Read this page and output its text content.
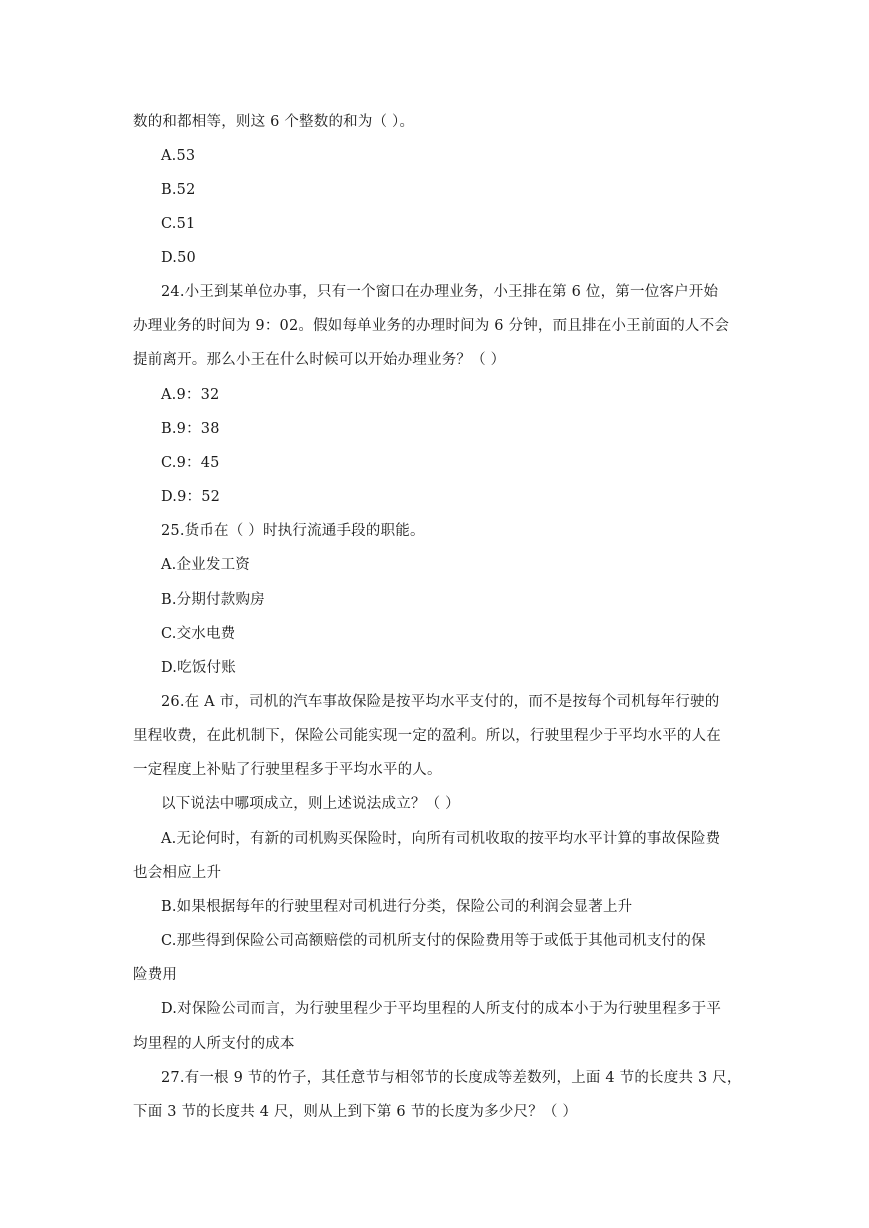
数的和都相等，则这 6 个整数的和为（ ）。
A.53
B.52
C.51
D.50
24.小王到某单位办事，只有一个窗口在办理业务，小王排在第 6 位，第一位客户开始
办理业务的时间为 9：02。假如每单业务的办理时间为 6 分钟，而且排在小王前面的人不会
提前离开。那么小王在什么时候可以开始办理业务？（ ）
A.9：32
B.9：38
C.9：45
D.9：52
25.货币在（ ）时执行流通手段的职能。
A.企业发工资
B.分期付款购房
C.交水电费
D.吃饭付账
26.在 A 市，司机的汽车事故保险是按平均水平支付的，而不是按每个司机每年行驶的
里程收费，在此机制下，保险公司能实现一定的盈利。所以，行驶里程少于平均水平的人在
一定程度上补贴了行驶里程多于平均水平的人。
以下说法中哪项成立，则上述说法成立？（ ）
A.无论何时，有新的司机购买保险时，向所有司机收取的按平均水平计算的事故保险费
也会相应上升
B.如果根据每年的行驶里程对司机进行分类，保险公司的利润会显著上升
C.那些得到保险公司高额赔偿的司机所支付的保险费用等于或低于其他司机支付的保
险费用
D.对保险公司而言，为行驶里程少于平均里程的人所支付的成本小于为行驶里程多于平
均里程的人所支付的成本
27.有一根 9 节的竹子，其任意节与相邻节的长度成等差数列，上面 4 节的长度共 3 尺，
下面 3 节的长度共 4 尺，则从上到下第 6 节的长度为多少尺？（ ）
